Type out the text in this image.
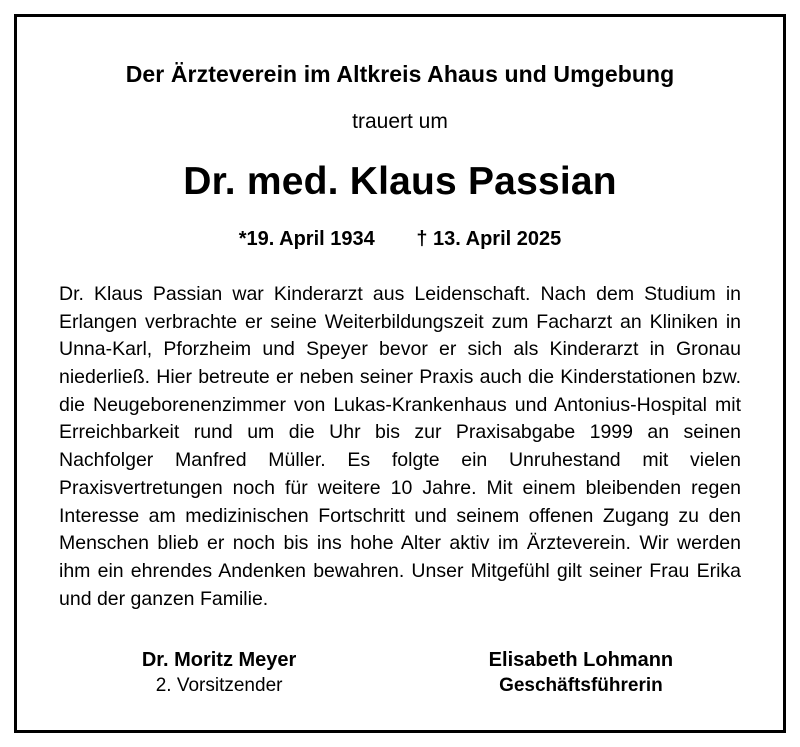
Der Ärzteverein im Altkreis Ahaus und Umgebung
trauert um
Dr. med. Klaus Passian
*19. April 1934 † 13. April 2025
Dr. Klaus Passian war Kinderarzt aus Leidenschaft. Nach dem Studium in Erlangen verbrachte er seine Weiterbildungszeit zum Facharzt an Kliniken in Unna-Karl, Pforzheim und Speyer bevor er sich als Kinderarzt in Gronau niederließ. Hier betreute er neben seiner Praxis auch die Kinderstationen bzw. die Neugeborenenzimmer von Lukas-Krankenhaus und Antonius-Hospital mit Erreichbarkeit rund um die Uhr bis zur Praxisabgabe 1999 an seinen Nachfolger Manfred Müller. Es folgte ein Unruhestand mit vielen Praxisvertretungen noch für weitere 10 Jahre. Mit einem bleibenden regen Interesse am medizinischen Fortschritt und seinem offenen Zugang zu den Menschen blieb er noch bis ins hohe Alter aktiv im Ärzteverein. Wir werden ihm ein ehrendes Andenken bewahren. Unser Mitgefühl gilt seiner Frau Erika und der ganzen Familie.
Dr. Moritz Meyer
2. Vorsitzender
Elisabeth Lohmann
Geschäftsführerin
